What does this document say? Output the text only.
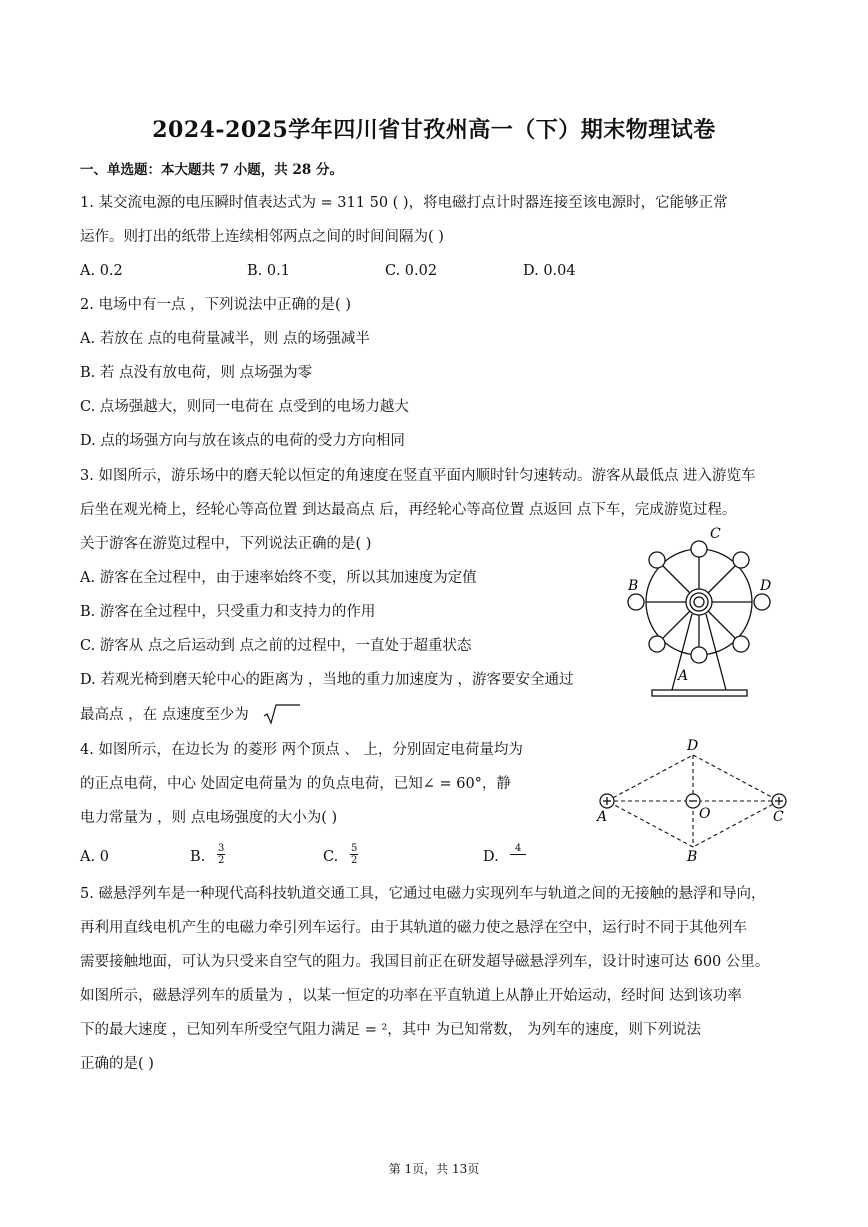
2024-2025学年四川省甘孜州高一（下）期末物理试卷
一、单选题：本大题共 7 小题，共 28 分。
1. 某交流电源的电压瞬时值表达式为 = 311 50 ( )，将电磁打点计时器连接至该电源时，它能够正常
运作。则打出的纸带上连续相邻两点之间的时间间隔为( )
A. 0.2	B. 0.1	C. 0.02	D. 0.04
2. 电场中有一点 ，下列说法中正确的是( )
A. 若放在 点的电荷量减半，则 点的场强减半
B. 若 点没有放电荷，则 点场强为零
C. 点场强越大，则同一电荷在 点受到的电场力越大
D. 点的场强方向与放在该点的电荷的受力方向相同
3. 如图所示，游乐场中的磨天轮以恒定的角速度在竖直平面内顺时针匀速转动。游客从最低点 进入游览车
后坐在观光椅上，经轮心等高位置 到达最高点 后，再经轮心等高位置 点返回 点下车，完成游览过程。
关于游客在游览过程中，下列说法正确的是( )
A. 游客在全过程中，由于速率始终不变，所以其加速度为定值
B. 游客在全过程中，只受重力和支持力的作用
C. 游客从 点之后运动到 点之前的过程中，一直处于超重状态
D. 若观光椅到磨天轮中心的距离为 ，当地的重力加速度为 ，游客要安全通过
最高点 ，在 点速度至少为
C
B	D
A
4. 如图所示，在边长为 的菱形 两个顶点 、 上，分别固定电荷量均为
的正点电荷，中心 处固定电荷量为 的负点电荷，已知∠ = 60°，静
电力常量为 ，则 点电场强度的大小为( )
A. 0	B. $\frac{3}{2}$	C. $\frac{5}{2}$	D.
4
D
A	C
B
O
5. 磁悬浮列车是一种现代高科技轨道交通工具，它通过电磁力实现列车与轨道之间的无接触的悬浮和导向，
再利用直线电机产生的电磁力牵引列车运行。由于其轨道的磁力使之悬浮在空中，运行时不同于其他列车
需要接触地面，可认为只受来自空气的阻力。我国目前正在研发超导磁悬浮列车，设计时速可达 600 公里。
如图所示，磁悬浮列车的质量为 ，以某一恒定的功率在平直轨道上从静止开始运动，经时间 达到该功率
下的最大速度 ，已知列车所受空气阻力满足 = ²，其中 为已知常数， 为列车的速度，则下列说法
正确的是( )
第 1页，共 13页
